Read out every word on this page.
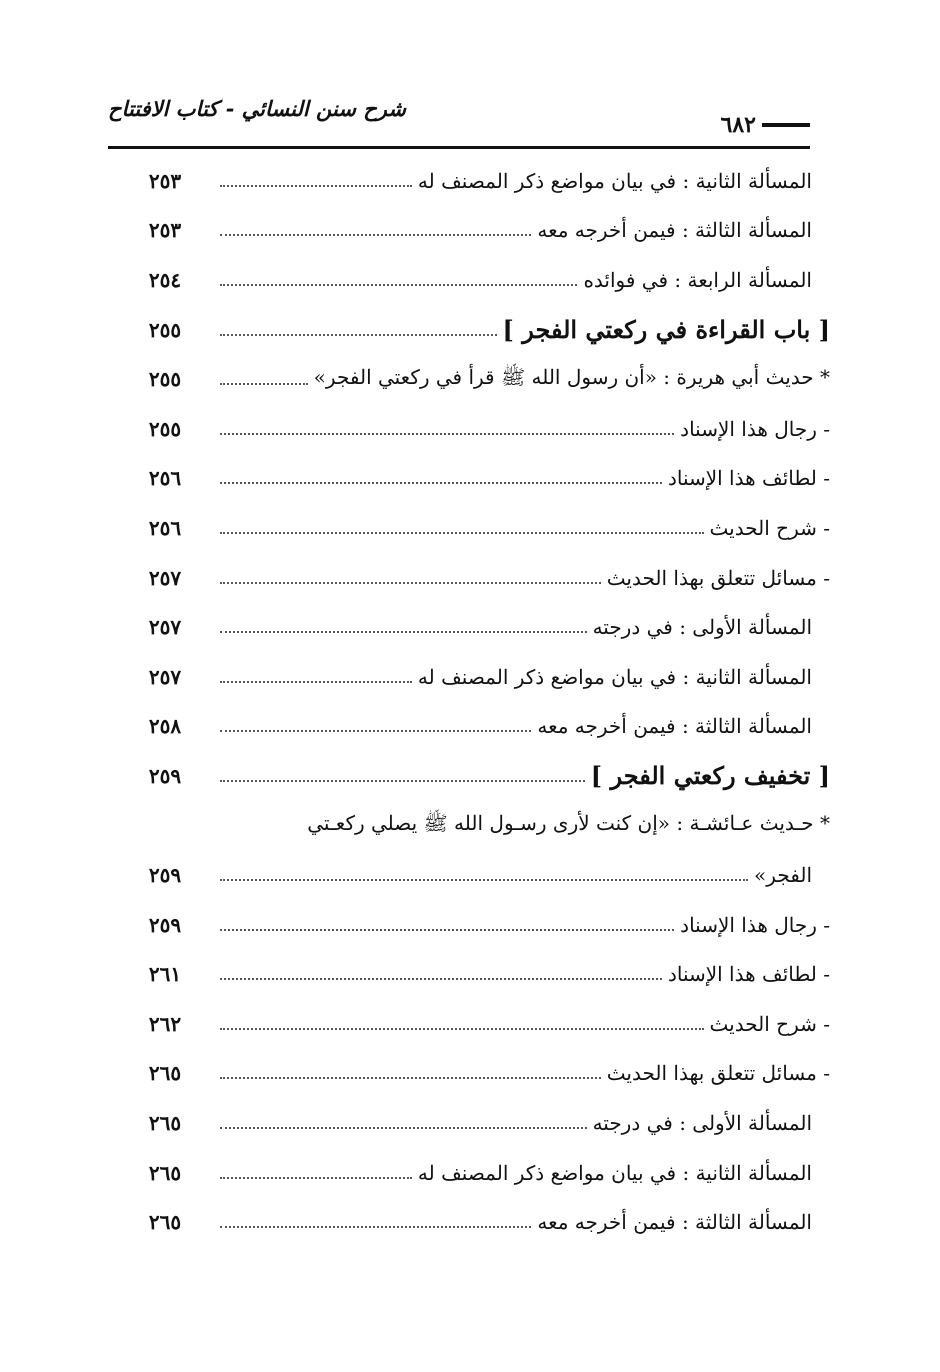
شرح سنن النسائي - كتاب الافتتاح
٦٨٢
٢٥٣	المسألة الثانية : في بيان مواضع ذكر المصنف له
٢٥٣	المسألة الثالثة : فيمن أخرجه معه
٢٥٤	المسألة الرابعة : في فوائده
٢٥٥	[ باب القراءة في ركعتي الفجر ]
٢٥٥	* حديث أبي هريرة : «أن رسول الله ﷺ قرأ في ركعتي الفجر»
٢٥٥	- رجال هذا الإسناد
٢٥٦	- لطائف هذا الإسناد
٢٥٦	- شرح الحديث
٢٥٧	- مسائل تتعلق بهذا الحديث
٢٥٧	المسألة الأولى : في درجته
٢٥٧	المسألة الثانية : في بيان مواضع ذكر المصنف له
٢٥٨	المسألة الثالثة : فيمن أخرجه معه
٢٥٩	[ تخفيف ركعتي الفجر ]
* حـديث عـائشـة : «إن كنت لأرى رسـول الله ﷺ يصلي ركعـتي
٢٥٩	الفجر»
٢٥٩	- رجال هذا الإسناد
٢٦١	- لطائف هذا الإسناد
٢٦٢	- شرح الحديث
٢٦٥	- مسائل تتعلق بهذا الحديث
٢٦٥	المسألة الأولى : في درجته
٢٦٥	المسألة الثانية : في بيان مواضع ذكر المصنف له
٢٦٥	المسألة الثالثة : فيمن أخرجه معه
